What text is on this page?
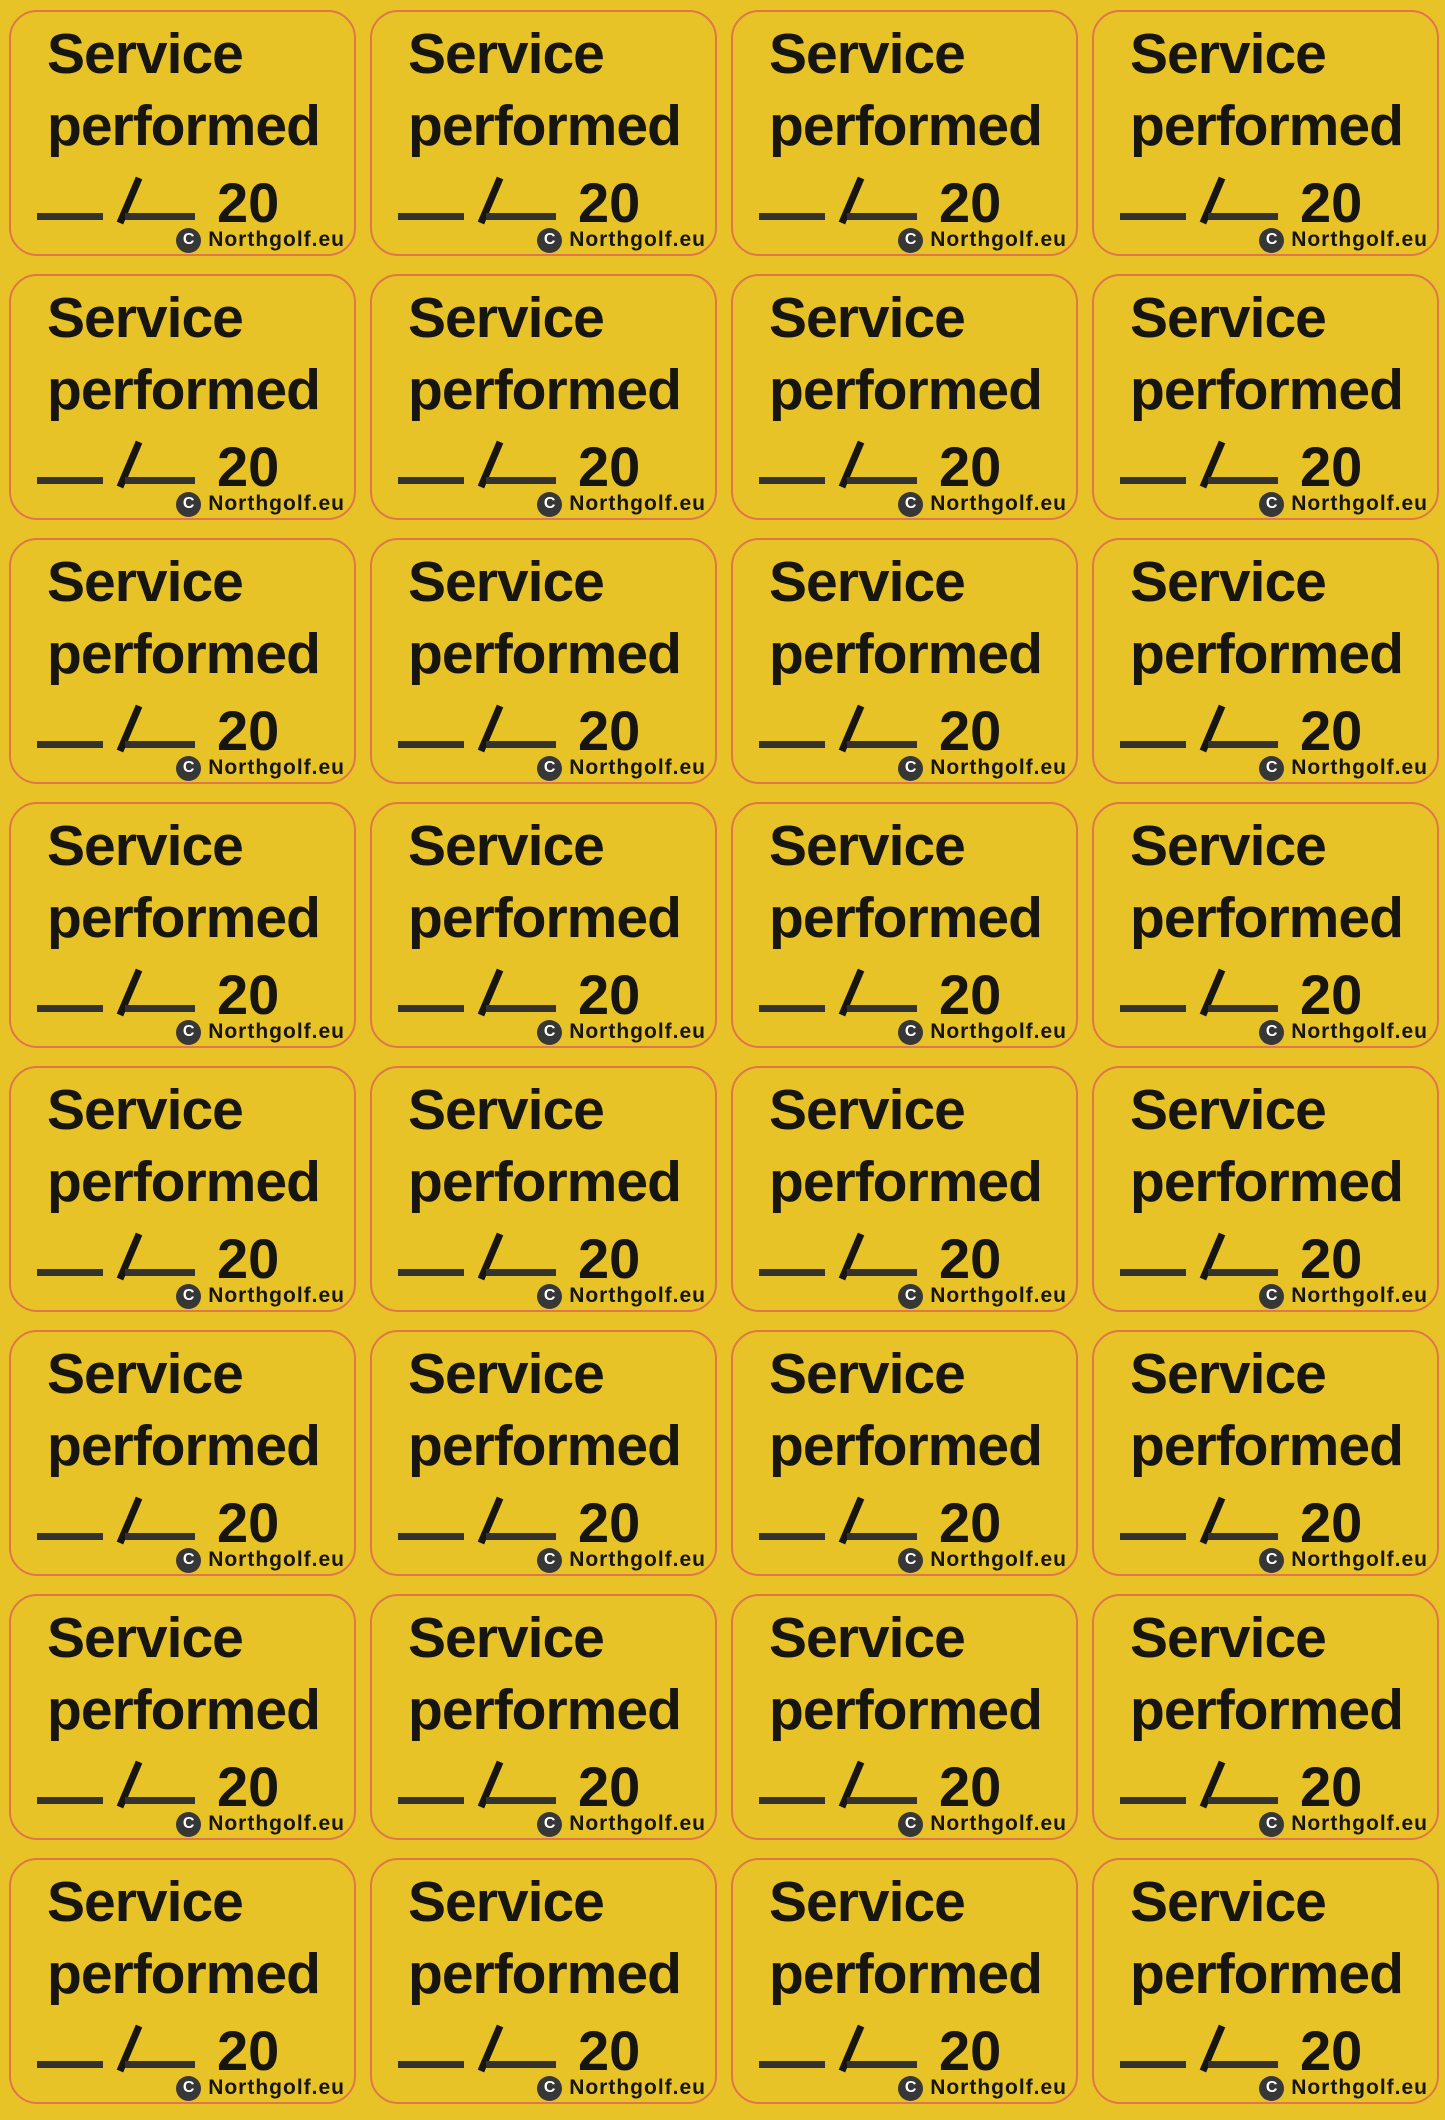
Service
performed
20
C Northgolf.eu
Service
performed
20
C Northgolf.eu
Service
performed
20
C Northgolf.eu
Service
performed
20
C Northgolf.eu
Service
performed
20
C Northgolf.eu
Service
performed
20
C Northgolf.eu
Service
performed
20
C Northgolf.eu
Service
performed
20
C Northgolf.eu
Service
performed
20
C Northgolf.eu
Service
performed
20
C Northgolf.eu
Service
performed
20
C Northgolf.eu
Service
performed
20
C Northgolf.eu
Service
performed
20
C Northgolf.eu
Service
performed
20
C Northgolf.eu
Service
performed
20
C Northgolf.eu
Service
performed
20
C Northgolf.eu
Service
performed
20
C Northgolf.eu
Service
performed
20
C Northgolf.eu
Service
performed
20
C Northgolf.eu
Service
performed
20
C Northgolf.eu
Service
performed
20
C Northgolf.eu
Service
performed
20
C Northgolf.eu
Service
performed
20
C Northgolf.eu
Service
performed
20
C Northgolf.eu
Service
performed
20
C Northgolf.eu
Service
performed
20
C Northgolf.eu
Service
performed
20
C Northgolf.eu
Service
performed
20
C Northgolf.eu
Service
performed
20
C Northgolf.eu
Service
performed
20
C Northgolf.eu
Service
performed
20
C Northgolf.eu
Service
performed
20
C Northgolf.eu
